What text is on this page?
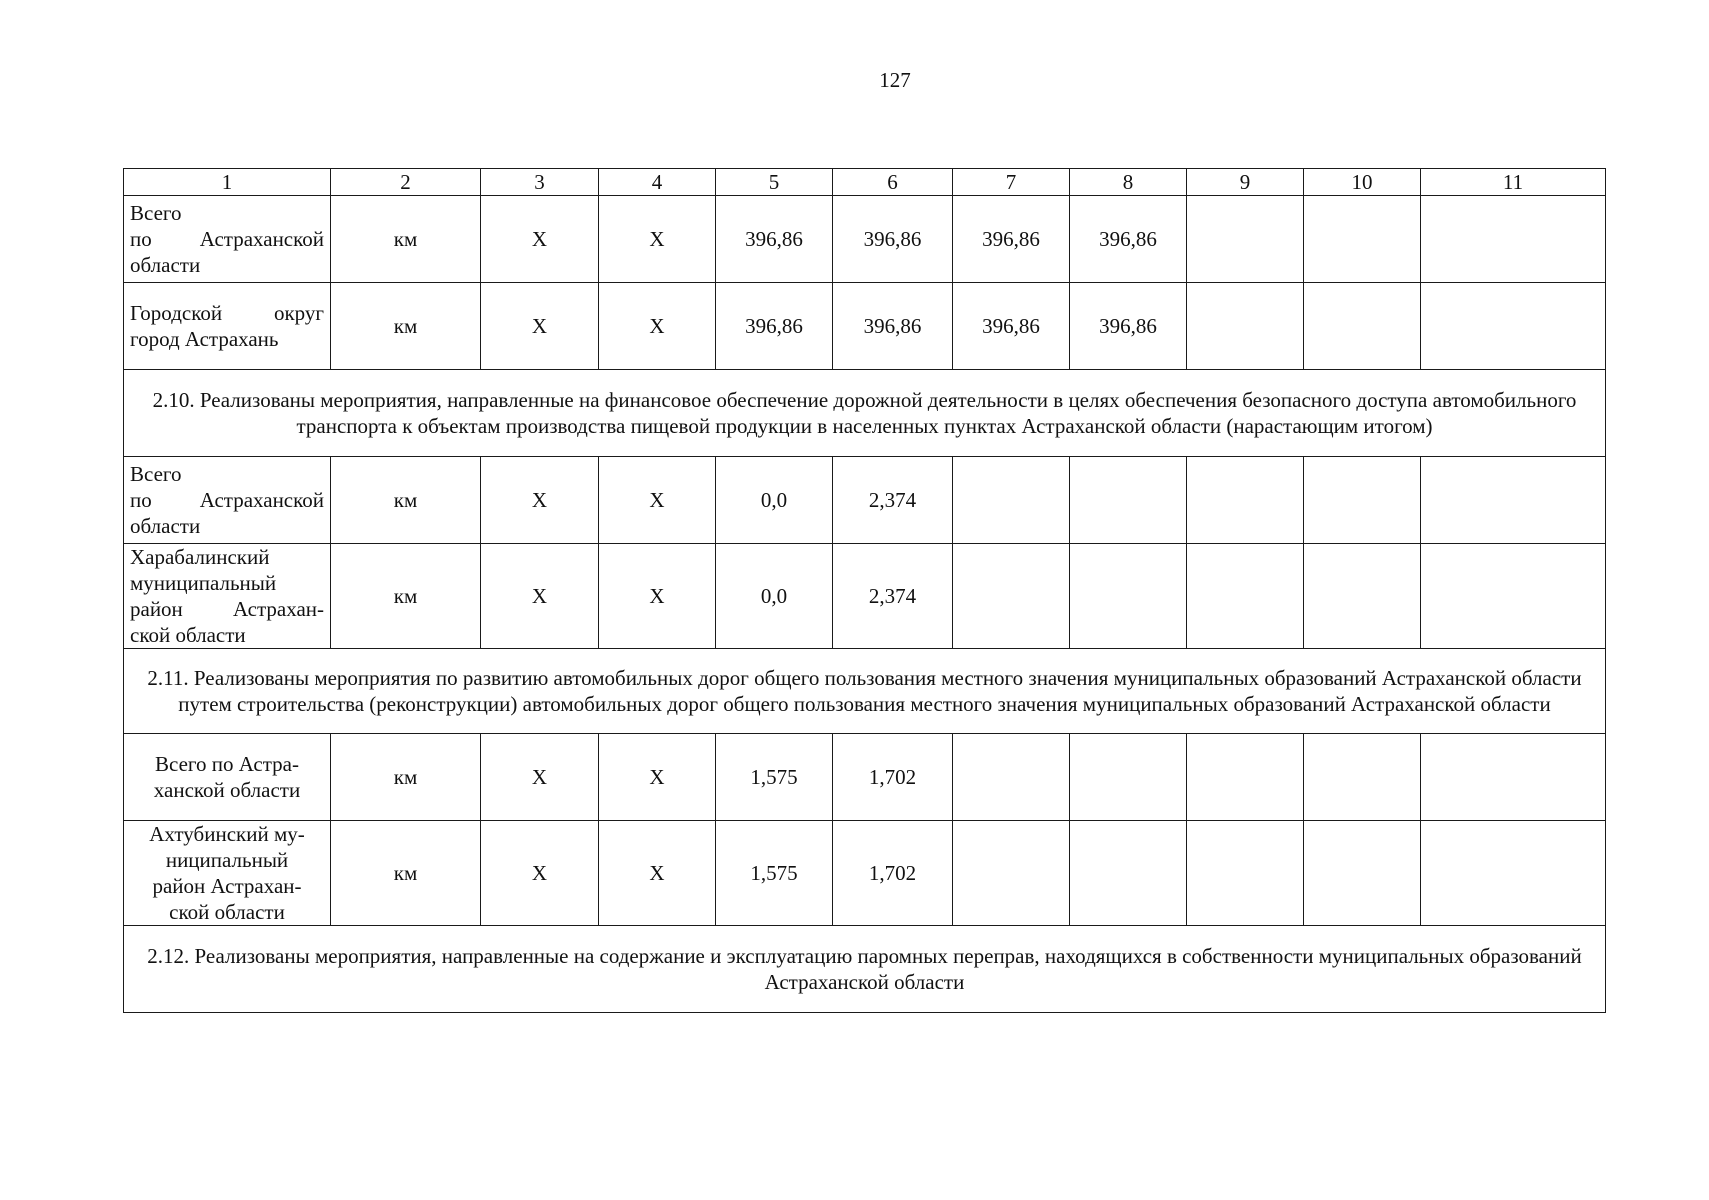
127
1	2	3	4	5	6	7	8	9	10	11

Всего
по Астраханской
области	км	X	X	396,86	396,86	396,86	396,86			

Городской округ
город Астрахань	км	X	X	396,86	396,86	396,86	396,86			
2.10. Реализованы мероприятия, направленные на финансовое обеспечение дорожной деятельности в целях обеспечения безопасного доступа автомобильного транспорта к объектам производства пищевой продукции в населенных пунктах Астраханской области (нарастающим итогом)										

Всего
по Астраханской
области	км	X	X	0,0	2,374					

Харабалинский
муниципальный
район Астрахан-
ской области	км	X	X	0,0	2,374					
2.11. Реализованы мероприятия по развитию автомобильных дорог общего пользования местного значения муниципальных образований Астраханской области путем строительства (реконструкции) автомобильных дорог общего пользования местного значения муниципальных образований Астраханской области										

Всего по Астра-
ханской области	км	X	X	1,575	1,702					

Ахтубинский му-
ниципальный
район Астрахан-
ской области	км	X	X	1,575	1,702					
2.12. Реализованы мероприятия, направленные на содержание и эксплуатацию паромных переправ, находящихся в собственности муниципальных образований Астраханской области										
